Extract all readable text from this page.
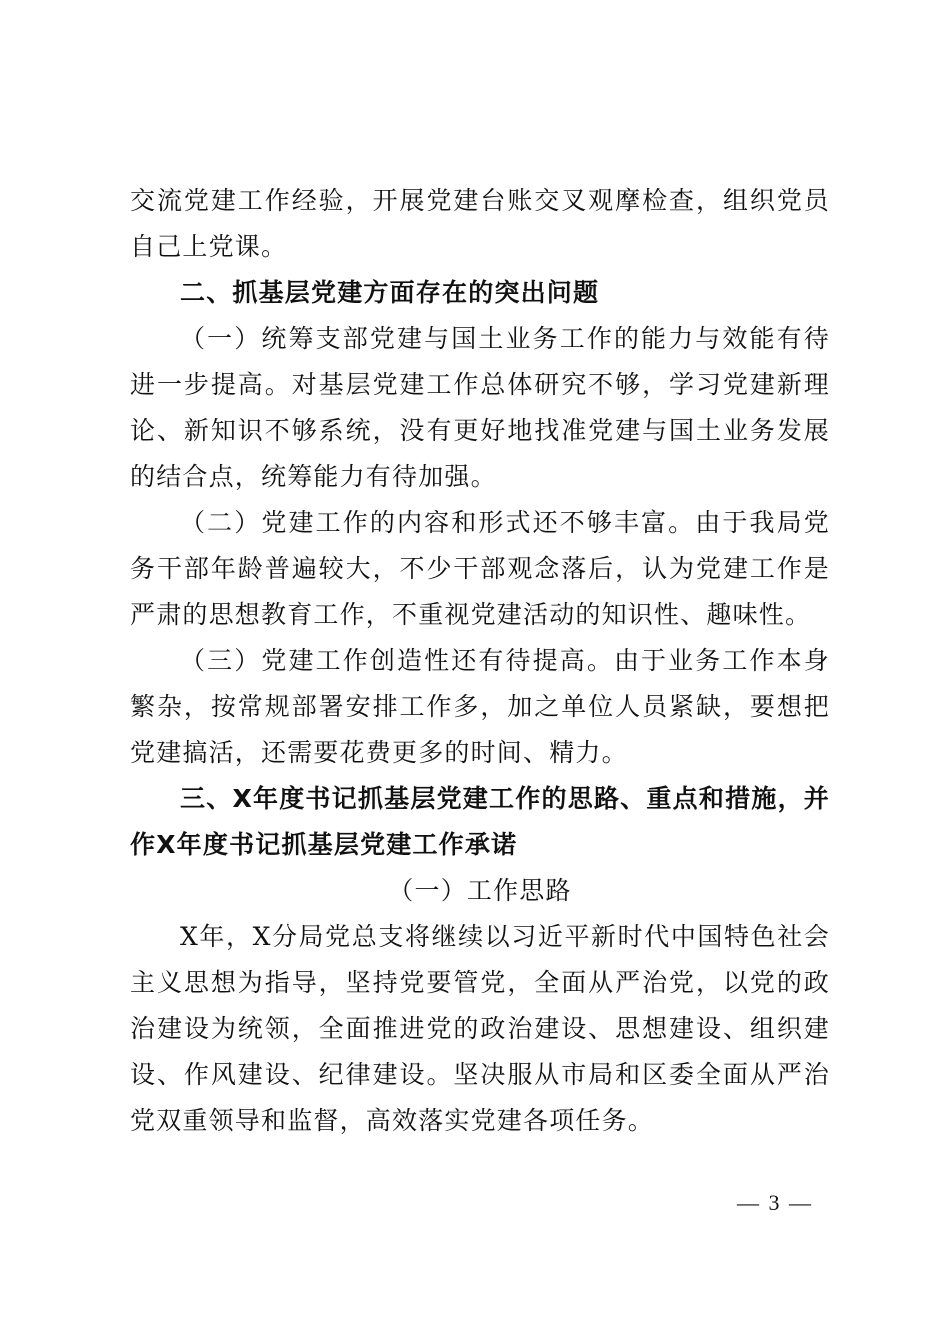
交流党建工作经验，开展党建台账交叉观摩检查，组织党员自己上党课。

二、抓基层党建方面存在的突出问题

（一）统筹支部党建与国土业务工作的能力与效能有待进一步提高。对基层党建工作总体研究不够，学习党建新理论、新知识不够系统，没有更好地找准党建与国土业务发展的结合点，统筹能力有待加强。

（二）党建工作的内容和形式还不够丰富。由于我局党务干部年龄普遍较大，不少干部观念落后，认为党建工作是严肃的思想教育工作，不重视党建活动的知识性、趣味性。

（三）党建工作创造性还有待提高。由于业务工作本身繁杂，按常规部署安排工作多，加之单位人员紧缺，要想把党建搞活，还需要花费更多的时间、精力。

三、X年度书记抓基层党建工作的思路、重点和措施，并作X年度书记抓基层党建工作承诺

（一）工作思路

X年，X分局党总支将继续以习近平新时代中国特色社会主义思想为指导，坚持党要管党，全面从严治党，以党的政治建设为统领，全面推进党的政治建设、思想建设、组织建设、作风建设、纪律建设。坚决服从市局和区委全面从严治党双重领导和监督，高效落实党建各项任务。

— 3 —
